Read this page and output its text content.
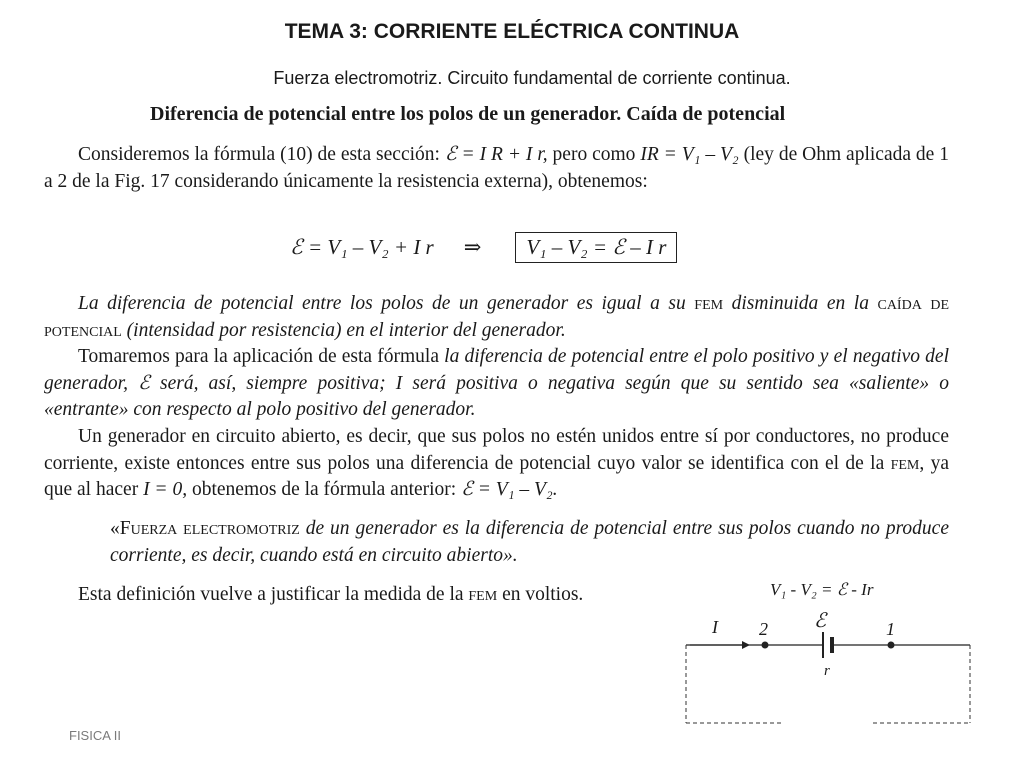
TEMA 3: CORRIENTE ELÉCTRICA CONTINUA
Fuerza electromotriz. Circuito fundamental de corriente continua.
Diferencia de potencial entre los polos de un generador. Caída de potencial
Consideremos la fórmula (10) de esta sección: ℰ = I R + I r, pero como IR = V₁ – V₂ (ley de Ohm aplicada de 1 a 2 de la Fig. 17 considerando únicamente la resistencia externa), obtenemos:
ℰ = V₁ – V₂ + I r ⇒ V₁ – V₂ = ℰ – I r
La diferencia de potencial entre los polos de un generador es igual a su fem disminuida en la caída de potencial (intensidad por resistencia) en el interior del generador.
Tomaremos para la aplicación de esta fórmula la diferencia de potencial entre el polo positivo y el negativo del generador, ℰ será, así, siempre positiva; I será positiva o negativa según que su sentido sea «saliente» o «entrante» con respecto al polo positivo del generador.
Un generador en circuito abierto, es decir, que sus polos no estén unidos entre sí por conductores, no produce corriente, existe entonces entre sus polos una diferencia de potencial cuyo valor se identifica con el de la fem, ya que al hacer I = 0, obtenemos de la fórmula anterior: ℰ = V₁ – V₂.
«Fuerza electromotriz de un generador es la diferencia de potencial entre sus polos cuando no produce corriente, es decir, cuando está en circuito abierto».
Esta definición vuelve a justificar la medida de la fem en voltios.	V₁ - V₂ = ℰ - Ir
I 2 ℰ	1
r
FISICA II
